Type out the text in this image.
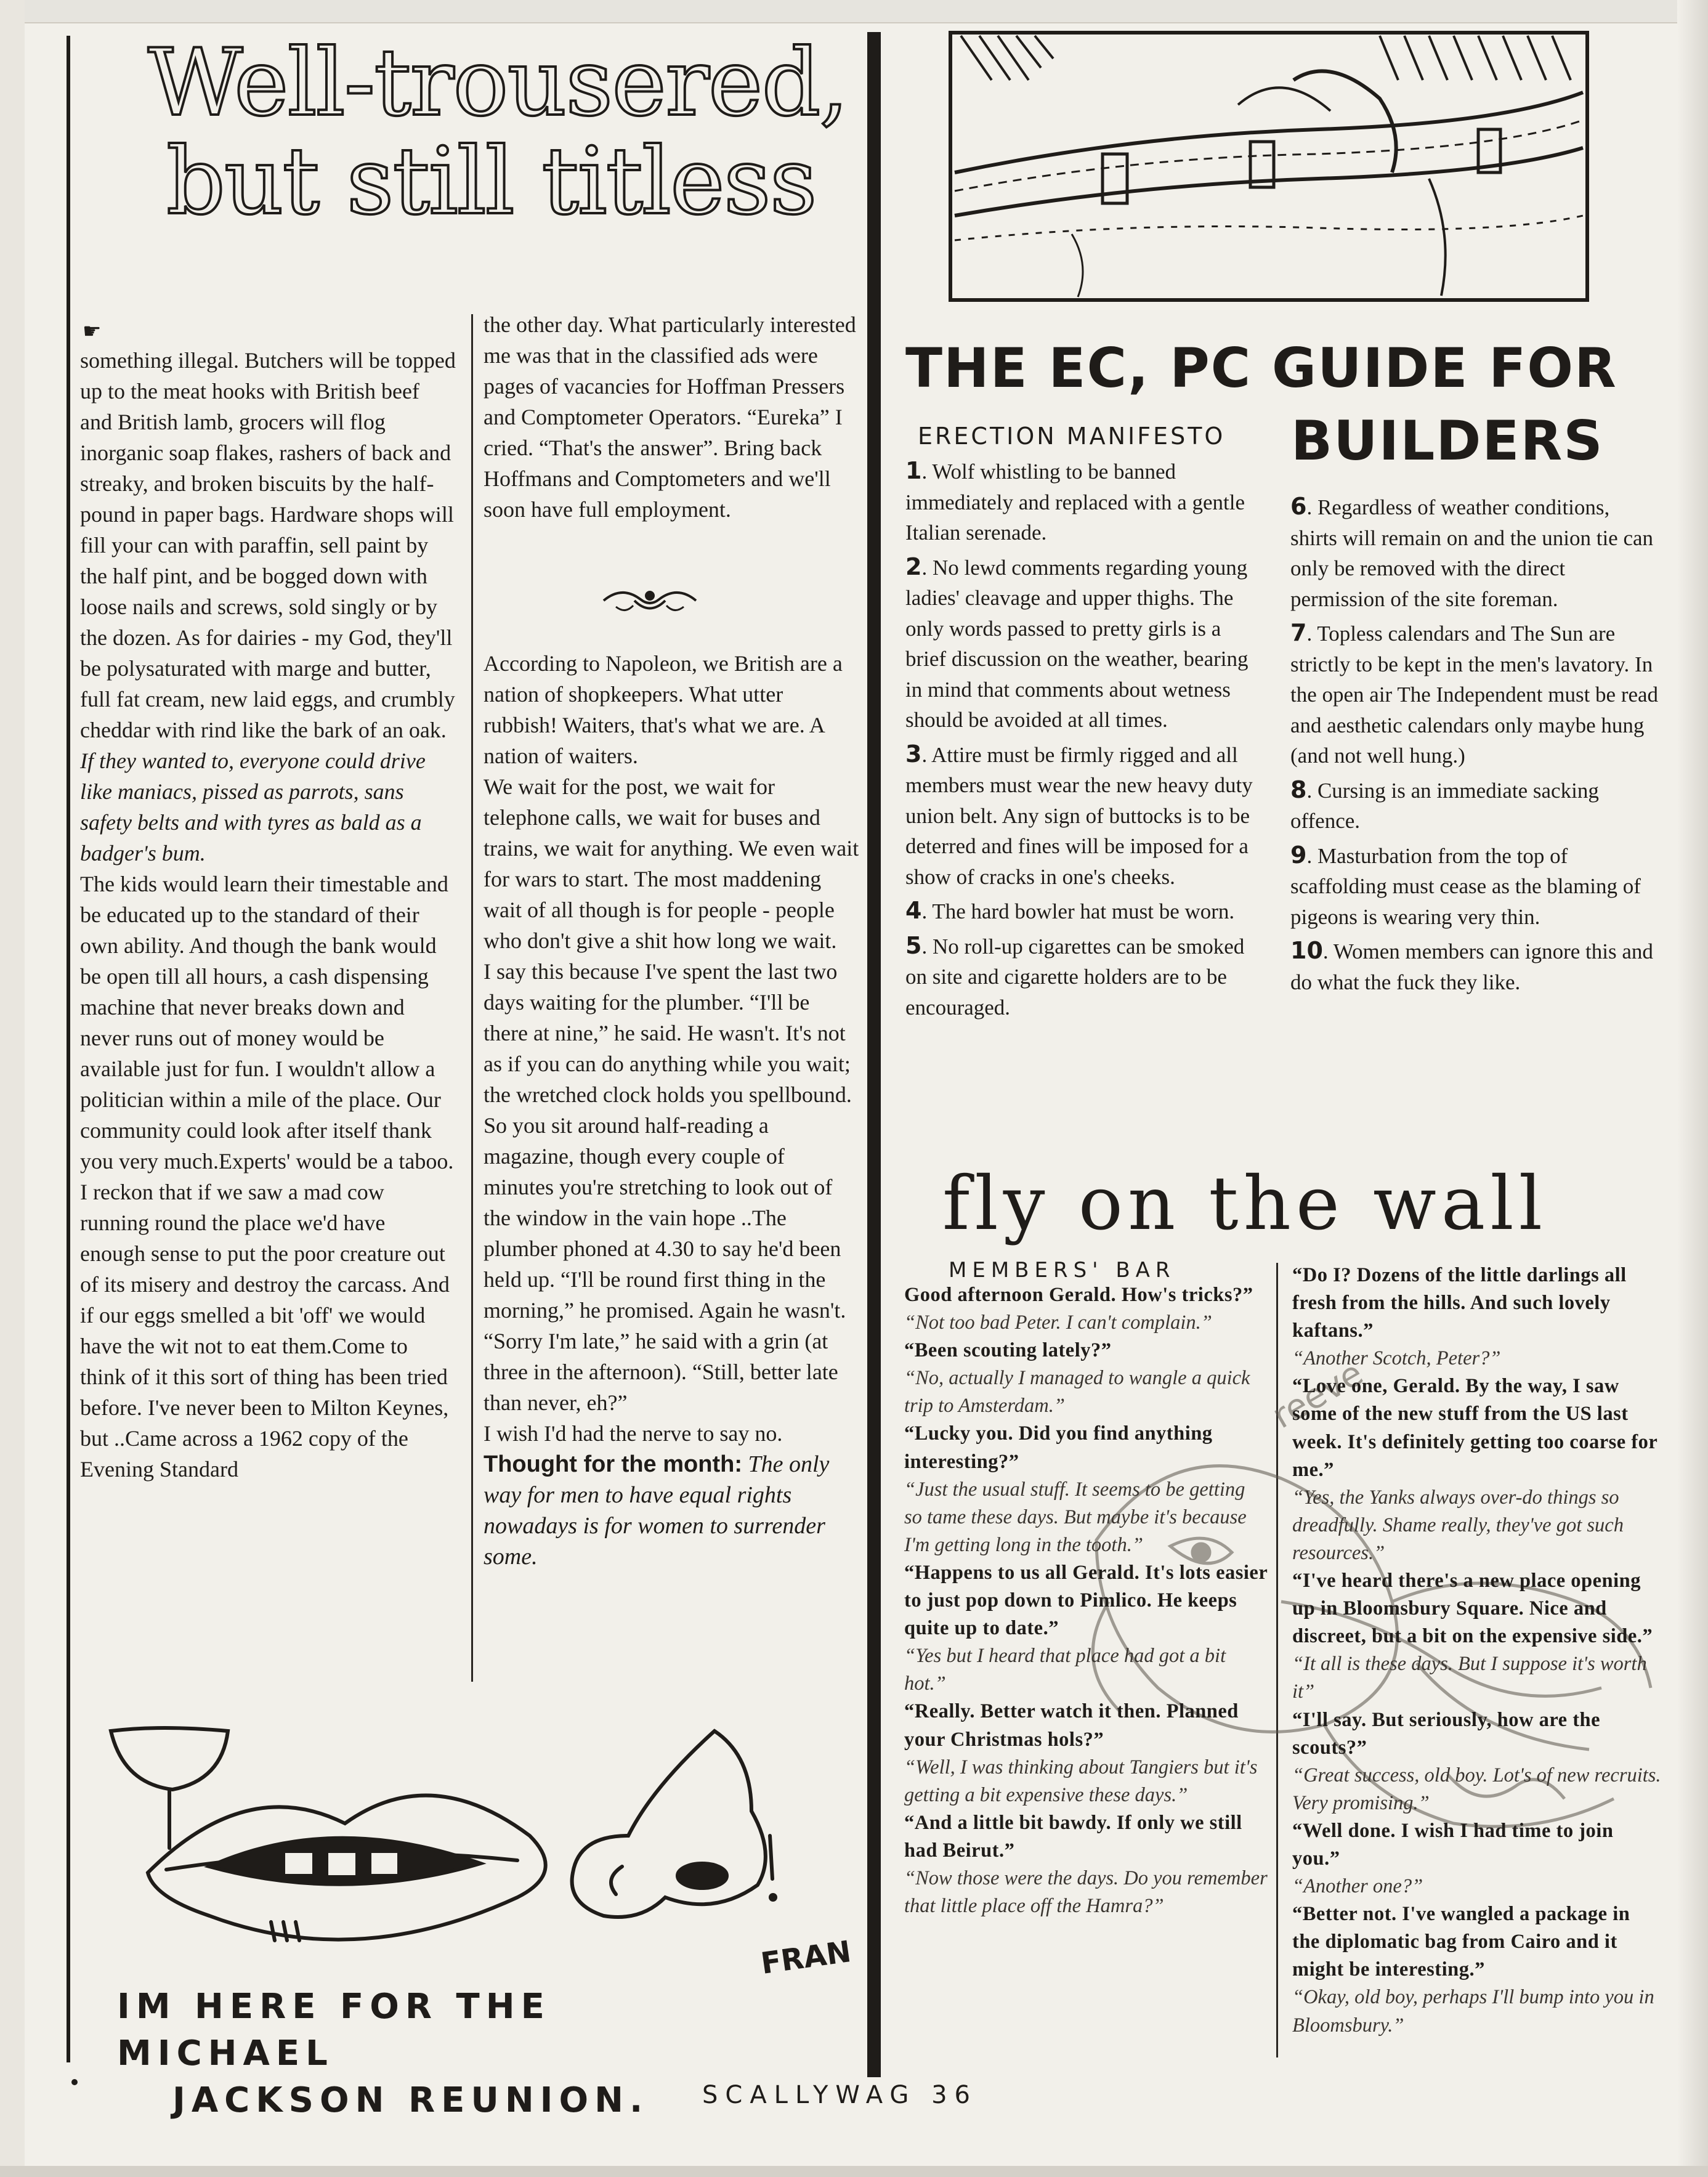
Well-trousered,
but still titless
☛

something illegal. Butchers will be topped up to the meat hooks with British beef and British lamb, grocers will flog inorganic soap flakes, rashers of back and streaky, and broken biscuits by the half-pound in paper bags. Hardware shops will fill your can with paraffin, sell paint by the half pint, and be bogged down with loose nails and screws, sold singly or by the dozen. As for dairies - my God, they'll be polysaturated with marge and butter, full fat cream, new laid eggs, and crumbly cheddar with rind like the bark of an oak.

If they wanted to, everyone could drive like maniacs, pissed as parrots, sans safety belts and with tyres as bald as a badger's bum.

The kids would learn their timestable and be educated up to the standard of their own ability. And though the bank would be open till all hours, a cash dispensing machine that never breaks down and never runs out of money would be available just for fun. I wouldn't allow a politician within a mile of the place. Our community could look after itself thank you very much.Experts' would be a taboo. I reckon that if we saw a mad cow running round the place we'd have enough sense to put the poor creature out of its misery and destroy the carcass. And if our eggs smelled a bit 'off' we would have the wit not to eat them.Come to think of it this sort of thing has been tried before. I've never been to Milton Keynes, but ..Came across a 1962 copy of the Evening Standard

the other day. What particularly interested me was that in the classified ads were pages of vacancies for Hoffman Pressers and Comptometer Operators. “Eureka” I cried. “That's the answer”. Bring back Hoffmans and Comptometers and we'll soon have full employment.

According to Napoleon, we British are a nation of shopkeepers. What utter rubbish! Waiters, that's what we are. A nation of waiters.

We wait for the post, we wait for telephone calls, we wait for buses and trains, we wait for anything. We even wait for wars to start. The most maddening wait of all though is for people - people who don't give a shit how long we wait.

I say this because I've spent the last two days waiting for the plumber. “I'll be there at nine,” he said. He wasn't. It's not as if you can do anything while you wait; the wretched clock holds you spellbound. So you sit around half-reading a magazine, though every couple of minutes you're stretching to look out of the window in the vain hope ..The plumber phoned at 4.30 to say he'd been held up. “I'll be round first thing in the morning,” he promised. Again he wasn't.

“Sorry I'm late,” he said with a grin (at three in the afternoon). “Still, better late than never, eh?”

I wish I'd had the nerve to say no.

Thought for the month: The only way for men to have equal rights nowadays is for women to surrender some.

THE EC, PC GUIDE FOR
BUILDERS
ERECTION MANIFESTO

1. Wolf whistling to be banned immediately and replaced with a gentle Italian serenade.

2. No lewd comments regarding young ladies' cleavage and upper thighs. The only words passed to pretty girls is a brief discussion on the weather, bearing in mind that comments about wetness should be avoided at all times.

3. Attire must be firmly rigged and all members must wear the new heavy duty union belt. Any sign of buttocks is to be deterred and fines will be imposed for a show of cracks in one's cheeks.

4. The hard bowler hat must be worn.

5. No roll-up cigarettes can be smoked on site and cigarette holders are to be encouraged.

6. Regardless of weather conditions, shirts will remain on and the union tie can only be removed with the direct permission of the site foreman.

7. Topless calendars and The Sun are strictly to be kept in the men's lavatory. In the open air The Independent must be read and aesthetic calendars only maybe hung (and not well hung.)

8. Cursing is an immediate sacking offence.

9. Masturbation from the top of scaffolding must cease as the blaming of pigeons is wearing very thin.

10. Women members can ignore this and do what the fuck they like.

fly on the wall
MEMBERS' BAR
reeve

Good afternoon Gerald. How's tricks?”

“Not too bad Peter. I can't complain.”

“Been scouting lately?”

“No, actually I managed to wangle a quick trip to Amsterdam.”

“Lucky you. Did you find anything interesting?”

“Just the usual stuff. It seems to be getting so tame these days. But maybe it's because I'm getting long in the tooth.”

“Happens to us all Gerald. It's lots easier to just pop down to Pimlico. He keeps quite up to date.”

“Yes but I heard that place had got a bit hot.”

“Really. Better watch it then. Planned your Christmas hols?”

“Well, I was thinking about Tangiers but it's getting a bit expensive these days.”

“And a little bit bawdy. If only we still had Beirut.”

“Now those were the days. Do you remember that little place off the Hamra?”

“Do I? Dozens of the little darlings all fresh from the hills. And such lovely kaftans.”

“Another Scotch, Peter?”

“Love one, Gerald. By the way, I saw some of the new stuff from the US last week. It's definitely getting too coarse for me.”

“Yes, the Yanks always over-do things so dreadfully. Shame really, they've got such resources.”

“I've heard there's a new place opening up in Bloomsbury Square. Nice and discreet, but a bit on the expensive side.”

“It all is these days. But I suppose it's worth it”

“I'll say. But seriously, how are the scouts?”

“Great success, old boy. Lot's of new recruits. Very promising.”

“Well done. I wish I had time to join you.”

“Another one?”

“Better not. I've wangled a package in the diplomatic bag from Cairo and it might be interesting.”

“Okay, old boy, perhaps I'll bump into you in Bloomsbury.”

IM HERE FOR THE MICHAEL
JACKSON REUNION.
FRAN
SCALLYWAG 36
